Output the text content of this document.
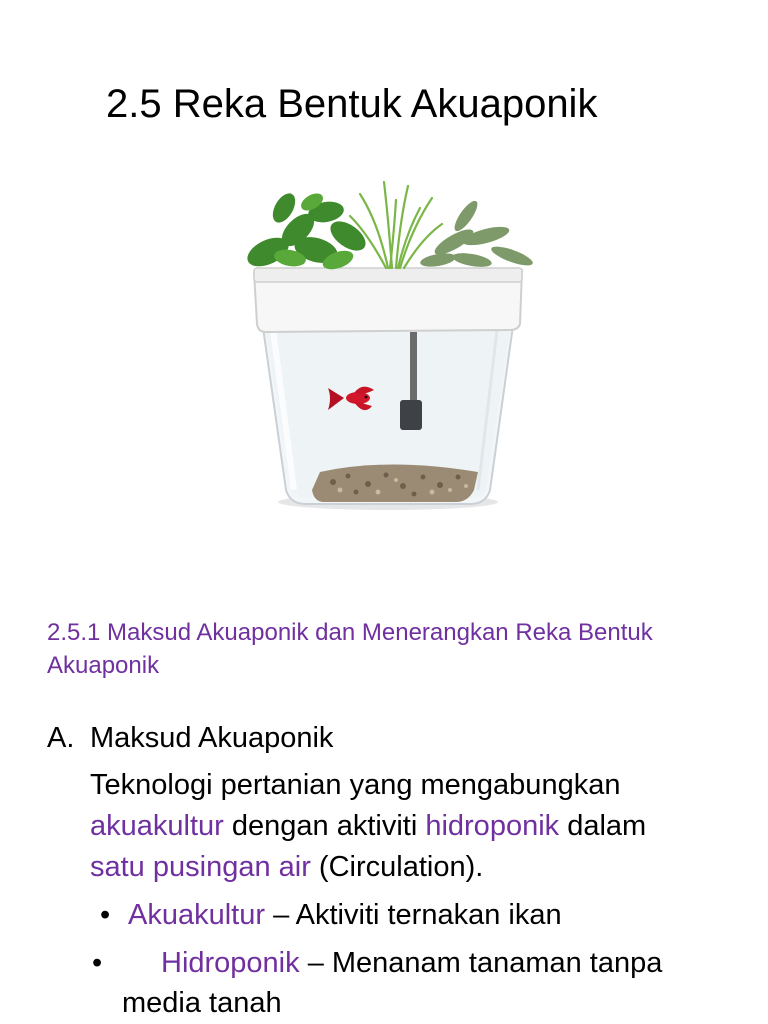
2.5 Reka Bentuk Akuaponik
2.5.1 Maksud Akuaponik dan Menerangkan Reka Bentuk Akuaponik
A. Maksud Akuaponik
Teknologi pertanian yang mengabungkan akuakultur dengan aktiviti hidroponik dalam
satu pusingan air (Circulation).
• Akuakultur – Aktiviti ternakan ikan
•	Hidroponik – Menanam tanaman tanpa media tanah
